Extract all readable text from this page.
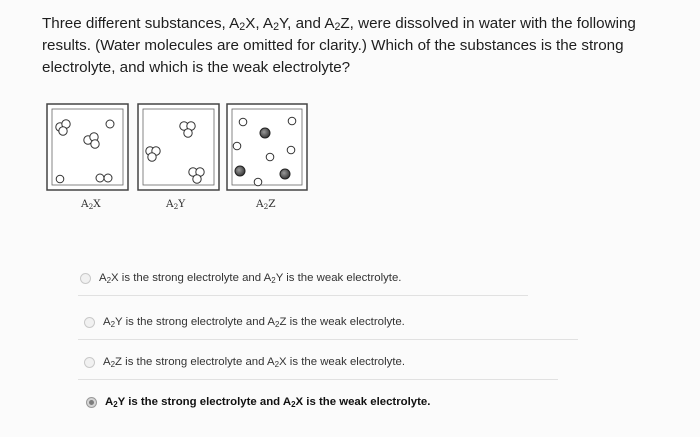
Three different substances, $A_2X$, $A_2Y$, and $A_2Z$, were dissolved in water with the following results. (Water molecules are omitted for clarity.) Which of the substances is the strong electrolyte, and which is the weak electrolyte?
$A_2X$	$A_2Y$	$A_2Z$
$A_2X$ is the strong electrolyte and $A_2Y$ is the weak electrolyte.
$A_2Y$ is the strong electrolyte and $A_2Z$ is the weak electrolyte.
$A_2Z$ is the strong electrolyte and $A_2X$ is the weak electrolyte.
$A_2Y$ is the strong electrolyte and $A_2X$ is the weak electrolyte.
